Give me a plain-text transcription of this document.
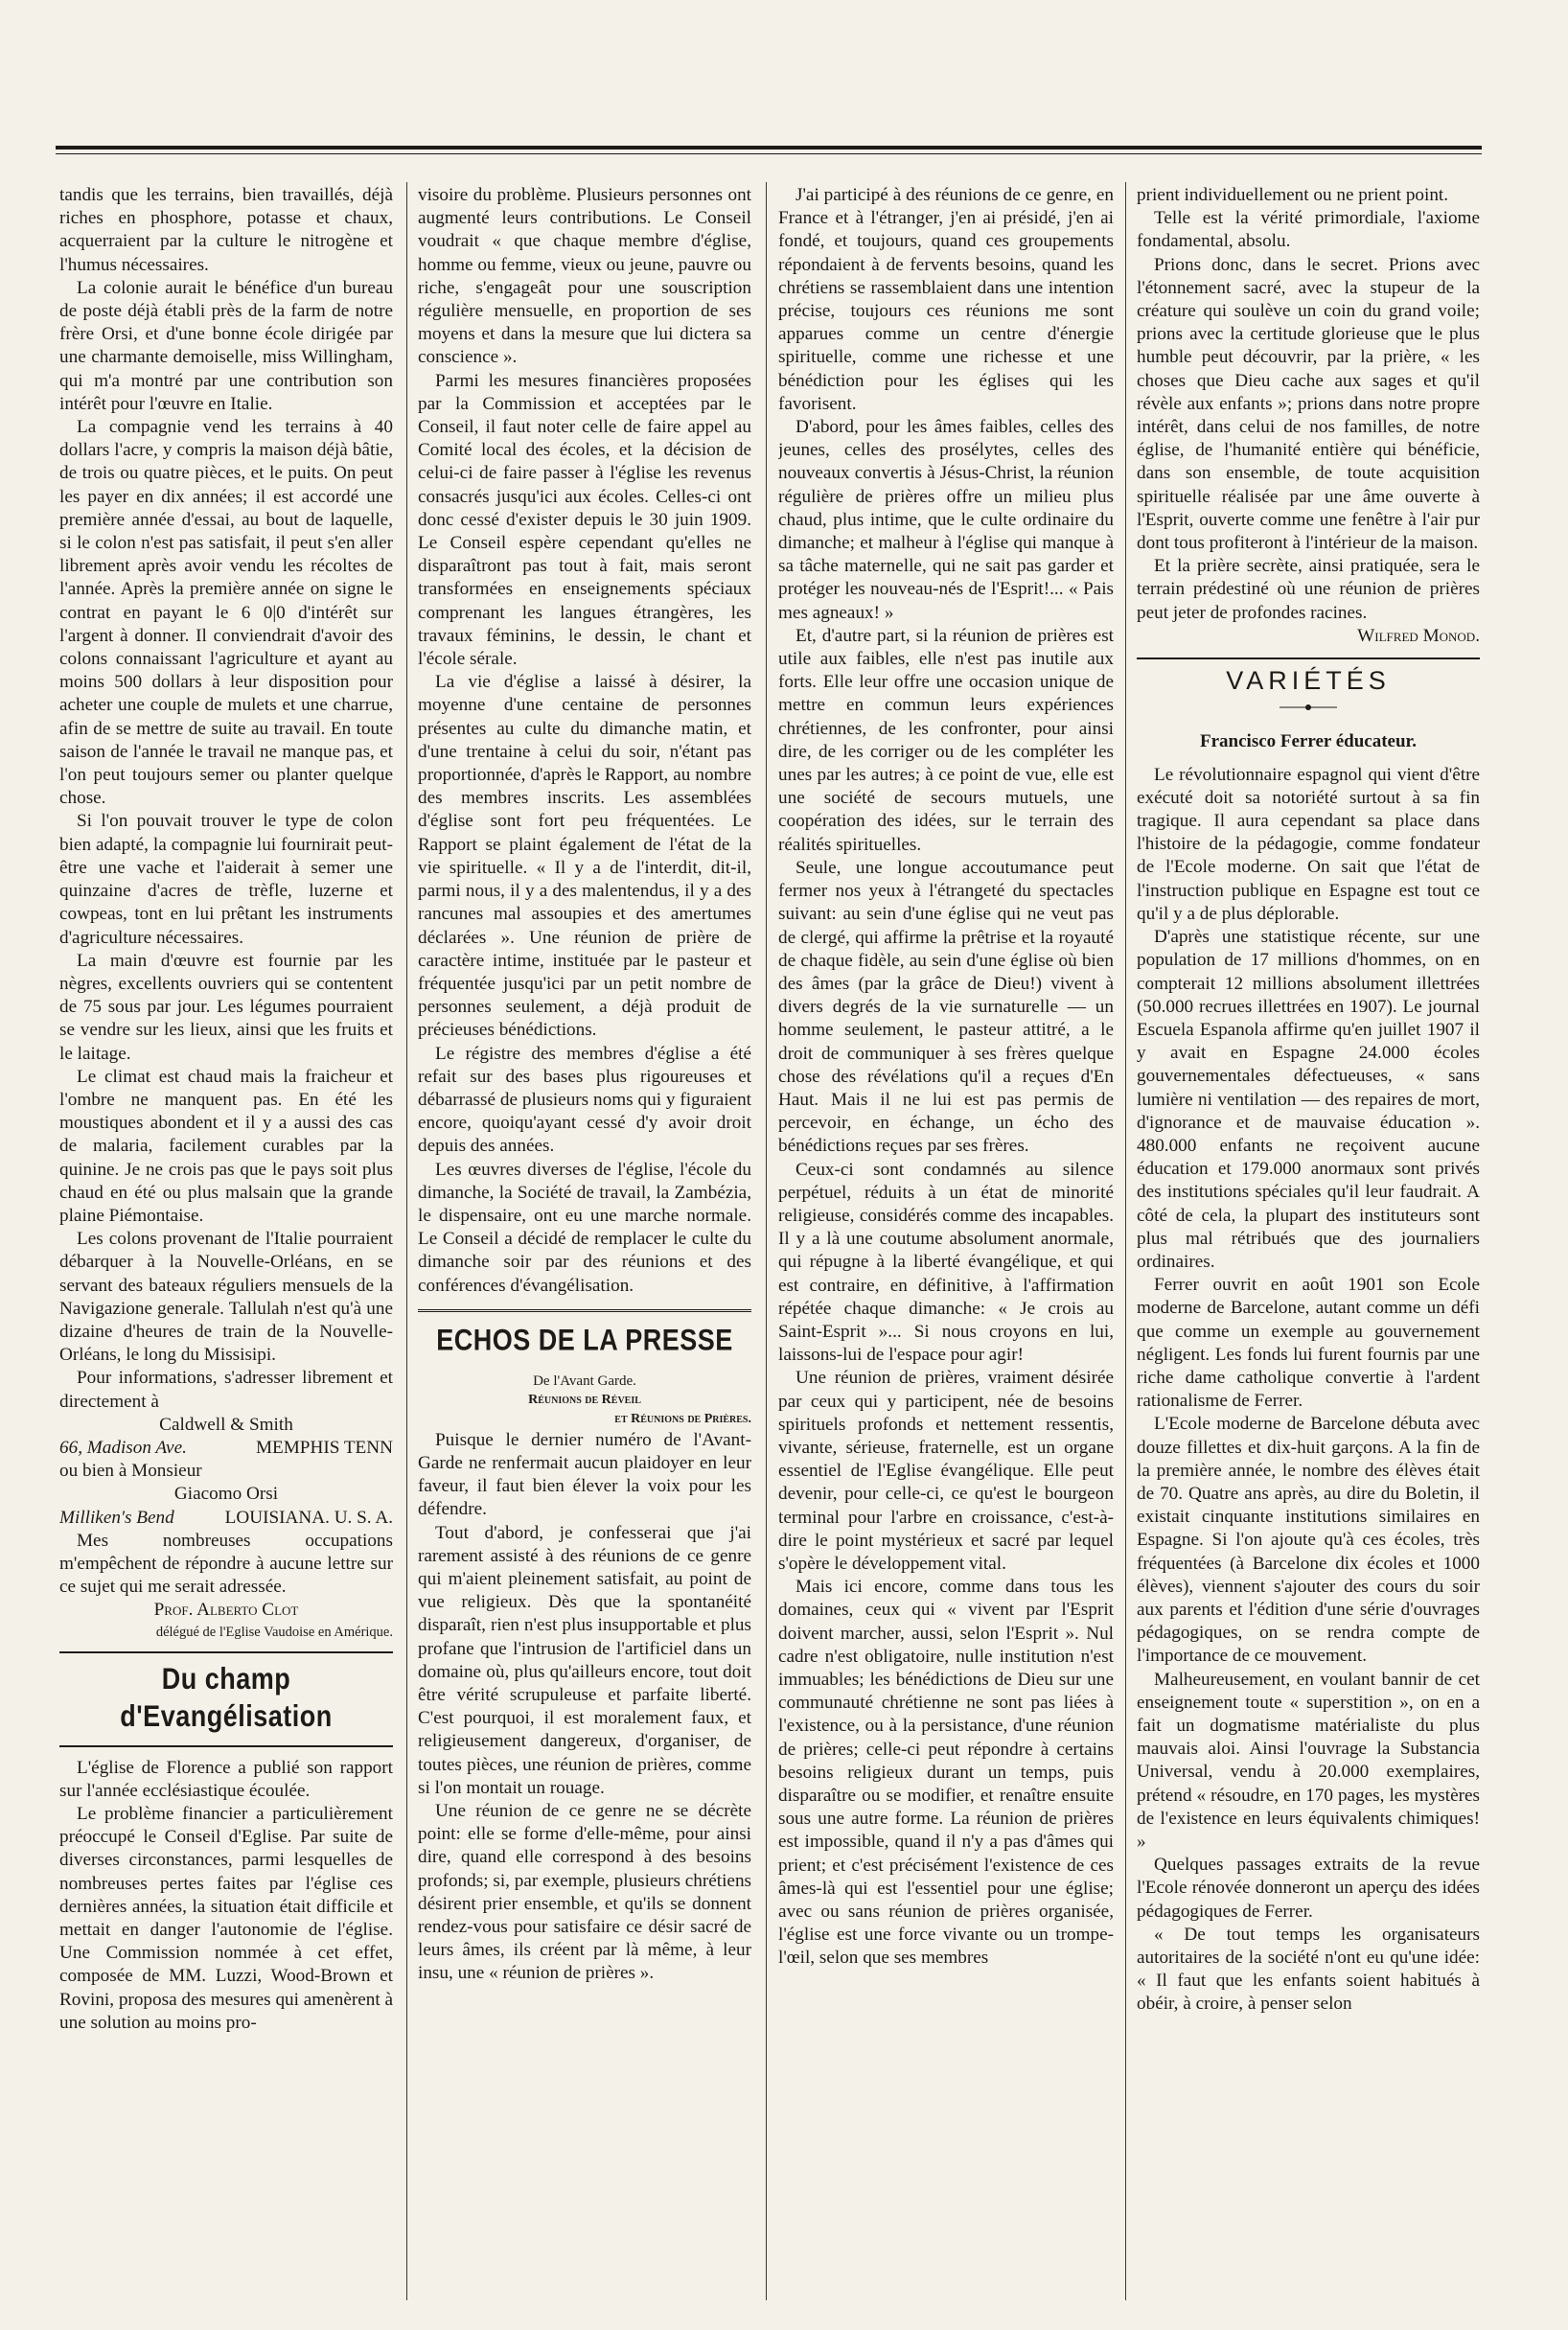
tandis que les terrains, bien travaillés, déjà riches en phosphore, potasse et chaux, acquerraient par la culture le nitrogène et l'humus nécessaires.

La colonie aurait le bénéfice d'un bureau de poste déjà établi près de la farm de notre frère Orsi, et d'une bonne école dirigée par une charmante demoiselle, miss Willingham, qui m'a montré par une contribution son intérêt pour l'œuvre en Italie.

La compagnie vend les terrains à 40 dollars l'acre, y compris la maison déjà bâtie, de trois ou quatre pièces, et le puits. On peut les payer en dix années; il est accordé une première année d'essai, au bout de laquelle, si le colon n'est pas satisfait, il peut s'en aller librement après avoir vendu les récoltes de l'année. Après la première année on signe le contrat en payant le 6 0|0 d'intérêt sur l'argent à donner. Il conviendrait d'avoir des colons connaissant l'agriculture et ayant au moins 500 dollars à leur disposition pour acheter une couple de mulets et une charrue, afin de se mettre de suite au travail. En toute saison de l'année le travail ne manque pas, et l'on peut toujours semer ou planter quelque chose.

Si l'on pouvait trouver le type de colon bien adapté, la compagnie lui fournirait peut-être une vache et l'aiderait à semer une quinzaine d'acres de trèfle, luzerne et cowpeas, tont en lui prêtant les instruments d'agriculture nécessaires.

La main d'œuvre est fournie par les nègres, excellents ouvriers qui se contentent de 75 sous par jour. Les légumes pourraient se vendre sur les lieux, ainsi que les fruits et le laitage.

Le climat est chaud mais la fraicheur et l'ombre ne manquent pas. En été les moustiques abondent et il y a aussi des cas de malaria, facilement curables par la quinine. Je ne crois pas que le pays soit plus chaud en été ou plus malsain que la grande plaine Piémontaise.

Les colons provenant de l'Italie pourraient débarquer à la Nouvelle-Orléans, en se servant des bateaux réguliers mensuels de la Navigazione generale. Tallulah n'est qu'à une dizaine d'heures de train de la Nouvelle-Orléans, le long du Missisipi.

Pour informations, s'adresser librement et directement à

Caldwell & Smith

66, Madison Ave.	MEMPHIS TENN

ou bien à Monsieur

Giacomo Orsi

Milliken's Bend	LOUISIANA. U. S. A.

Mes nombreuses occupations m'empêchent de répondre à aucune lettre sur ce sujet qui me serait adressée.

Prof. Alberto Clot

délégué de l'Eglise Vaudoise en Amérique.

Du champ d'Evangélisation

L'église de Florence a publié son rapport sur l'année ecclésiastique écoulée.

Le problème financier a particulièrement préoccupé le Conseil d'Eglise. Par suite de diverses circonstances, parmi lesquelles de nombreuses pertes faites par l'église ces dernières années, la situation était difficile et mettait en danger l'autonomie de l'église. Une Commission nommée à cet effet, composée de MM. Luzzi, Wood-Brown et Rovini, proposa des mesures qui amenèrent à une solution au moins pro-

visoire du problème. Plusieurs personnes ont augmenté leurs contributions. Le Conseil voudrait « que chaque membre d'église, homme ou femme, vieux ou jeune, pauvre ou riche, s'engageât pour une souscription régulière mensuelle, en proportion de ses moyens et dans la mesure que lui dictera sa conscience ».

Parmi les mesures financières proposées par la Commission et acceptées par le Conseil, il faut noter celle de faire appel au Comité local des écoles, et la décision de celui-ci de faire passer à l'église les revenus consacrés jusqu'ici aux écoles. Celles-ci ont donc cessé d'exister depuis le 30 juin 1909. Le Conseil espère cependant qu'elles ne disparaîtront pas tout à fait, mais seront transformées en enseignements spéciaux comprenant les langues étrangères, les travaux féminins, le dessin, le chant et l'école sérale.

La vie d'église a laissé à désirer, la moyenne d'une centaine de personnes présentes au culte du dimanche matin, et d'une trentaine à celui du soir, n'étant pas proportionnée, d'après le Rapport, au nombre des membres inscrits. Les assemblées d'église sont fort peu fréquentées. Le Rapport se plaint également de l'état de la vie spirituelle. « Il y a de l'interdit, dit-il, parmi nous, il y a des malentendus, il y a des rancunes mal assoupies et des amertumes déclarées ». Une réunion de prière de caractère intime, instituée par le pasteur et fréquentée jusqu'ici par un petit nombre de personnes seulement, a déjà produit de précieuses bénédictions.

Le régistre des membres d'église a été refait sur des bases plus rigoureuses et débarrassé de plusieurs noms qui y figuraient encore, quoiqu'ayant cessé d'y avoir droit depuis des années.

Les œuvres diverses de l'église, l'école du dimanche, la Société de travail, la Zambézia, le dispensaire, ont eu une marche normale. Le Conseil a décidé de remplacer le culte du dimanche soir par des réunions et des conférences d'évangélisation.

ECHOS DE LA PRESSE

De l'Avant Garde.

Réunions de Réveil

et Réunions de Prières.

Puisque le dernier numéro de l'Avant-Garde ne renfermait aucun plaidoyer en leur faveur, il faut bien élever la voix pour les défendre.

Tout d'abord, je confesserai que j'ai rarement assisté à des réunions de ce genre qui m'aient pleinement satisfait, au point de vue religieux. Dès que la spontanéité disparaît, rien n'est plus insupportable et plus profane que l'intrusion de l'artificiel dans un domaine où, plus qu'ailleurs encore, tout doit être vérité scrupuleuse et parfaite liberté. C'est pourquoi, il est moralement faux, et religieusement dangereux, d'organiser, de toutes pièces, une réunion de prières, comme si l'on montait un rouage.

Une réunion de ce genre ne se décrète point: elle se forme d'elle-même, pour ainsi dire, quand elle correspond à des besoins profonds; si, par exemple, plusieurs chrétiens désirent prier ensemble, et qu'ils se donnent rendez-vous pour satisfaire ce désir sacré de leurs âmes, ils créent par là même, à leur insu, une « réunion de prières ».

J'ai participé à des réunions de ce genre, en France et à l'étranger, j'en ai présidé, j'en ai fondé, et toujours, quand ces groupements répondaient à de fervents besoins, quand les chrétiens se rassemblaient dans une intention précise, toujours ces réunions me sont apparues comme un centre d'énergie spirituelle, comme une richesse et une bénédiction pour les églises qui les favorisent.

D'abord, pour les âmes faibles, celles des jeunes, celles des prosélytes, celles des nouveaux convertis à Jésus-Christ, la réunion régulière de prières offre un milieu plus chaud, plus intime, que le culte ordinaire du dimanche; et malheur à l'église qui manque à sa tâche maternelle, qui ne sait pas garder et protéger les nouveau-nés de l'Esprit!... « Pais mes agneaux! »

Et, d'autre part, si la réunion de prières est utile aux faibles, elle n'est pas inutile aux forts. Elle leur offre une occasion unique de mettre en commun leurs expériences chrétiennes, de les confronter, pour ainsi dire, de les corriger ou de les compléter les unes par les autres; à ce point de vue, elle est une société de secours mutuels, une coopération des idées, sur le terrain des réalités spirituelles.

Seule, une longue accoutumance peut fermer nos yeux à l'étrangeté du spectacles suivant: au sein d'une église qui ne veut pas de clergé, qui affirme la prêtrise et la royauté de chaque fidèle, au sein d'une église où bien des âmes (par la grâce de Dieu!) vivent à divers degrés de la vie surnaturelle — un homme seulement, le pasteur attitré, a le droit de communiquer à ses frères quelque chose des révélations qu'il a reçues d'En Haut. Mais il ne lui est pas permis de percevoir, en échange, un écho des bénédictions reçues par ses frères.

Ceux-ci sont condamnés au silence perpétuel, réduits à un état de minorité religieuse, considérés comme des incapables. Il y a là une coutume absolument anormale, qui répugne à la liberté évangélique, et qui est contraire, en définitive, à l'affirmation répétée chaque dimanche: « Je crois au Saint-Esprit »... Si nous croyons en lui, laissons-lui de l'espace pour agir!

Une réunion de prières, vraiment désirée par ceux qui y participent, née de besoins spirituels profonds et nettement ressentis, vivante, sérieuse, fraternelle, est un organe essentiel de l'Eglise évangélique. Elle peut devenir, pour celle-ci, ce qu'est le bourgeon terminal pour l'arbre en croissance, c'est-à-dire le point mystérieux et sacré par lequel s'opère le développement vital.

Mais ici encore, comme dans tous les domaines, ceux qui « vivent par l'Esprit doivent marcher, aussi, selon l'Esprit ». Nul cadre n'est obligatoire, nulle institution n'est immuables; les bénédictions de Dieu sur une communauté chrétienne ne sont pas liées à l'existence, ou à la persistance, d'une réunion de prières; celle-ci peut répondre à certains besoins religieux durant un temps, puis disparaître ou se modifier, et renaître ensuite sous une autre forme. La réunion de prières est impossible, quand il n'y a pas d'âmes qui prient; et c'est précisément l'existence de ces âmes-là qui est l'essentiel pour une église; avec ou sans réunion de prières organisée, l'église est une force vivante ou un trompe-l'œil, selon que ses membres

prient individuellement ou ne prient point.

Telle est la vérité primordiale, l'axiome fondamental, absolu.

Prions donc, dans le secret. Prions avec l'étonnement sacré, avec la stupeur de la créature qui soulève un coin du grand voile; prions avec la certitude glorieuse que le plus humble peut découvrir, par la prière, « les choses que Dieu cache aux sages et qu'il révèle aux enfants »; prions dans notre propre intérêt, dans celui de nos familles, de notre église, de l'humanité entière qui bénéficie, dans son ensemble, de toute acquisition spirituelle réalisée par une âme ouverte à l'Esprit, ouverte comme une fenêtre à l'air pur dont tous profiteront à l'intérieur de la maison.

Et la prière secrète, ainsi pratiquée, sera le terrain prédestiné où une réunion de prières peut jeter de profondes racines.

Wilfred Monod.

VARIÉTÉS

Francisco Ferrer éducateur.

Le révolutionnaire espagnol qui vient d'être exécuté doit sa notoriété surtout à sa fin tragique. Il aura cependant sa place dans l'histoire de la pédagogie, comme fondateur de l'Ecole moderne. On sait que l'état de l'instruction publique en Espagne est tout ce qu'il y a de plus déplorable.

D'après une statistique récente, sur une population de 17 millions d'hommes, on en compterait 12 millions absolument illettrées (50.000 recrues illettrées en 1907). Le journal Escuela Espanola affirme qu'en juillet 1907 il y avait en Espagne 24.000 écoles gouvernementales défectueuses, « sans lumière ni ventilation — des repaires de mort, d'ignorance et de mauvaise éducation ». 480.000 enfants ne reçoivent aucune éducation et 179.000 anormaux sont privés des institutions spéciales qu'il leur faudrait. A côté de cela, la plupart des instituteurs sont plus mal rétribués que des journaliers ordinaires.

Ferrer ouvrit en août 1901 son Ecole moderne de Barcelone, autant comme un défi que comme un exemple au gouvernement négligent. Les fonds lui furent fournis par une riche dame catholique convertie à l'ardent rationalisme de Ferrer.

L'Ecole moderne de Barcelone débuta avec douze fillettes et dix-huit garçons. A la fin de la première année, le nombre des élèves était de 70. Quatre ans après, au dire du Boletin, il existait cinquante institutions similaires en Espagne. Si l'on ajoute qu'à ces écoles, très fréquentées (à Barcelone dix écoles et 1000 élèves), viennent s'ajouter des cours du soir aux parents et l'édition d'une série d'ouvrages pédagogiques, on se rendra compte de l'importance de ce mouvement.

Malheureusement, en voulant bannir de cet enseignement toute « superstition », on en a fait un dogmatisme matérialiste du plus mauvais aloi. Ainsi l'ouvrage la Substancia Universal, vendu à 20.000 exemplaires, prétend « résoudre, en 170 pages, les mystères de l'existence en leurs équivalents chimiques! »

Quelques passages extraits de la revue l'Ecole rénovée donneront un aperçu des idées pédagogiques de Ferrer.

« De tout temps les organisateurs autoritaires de la société n'ont eu qu'une idée: « Il faut que les enfants soient habitués à obéir, à croire, à penser selon
